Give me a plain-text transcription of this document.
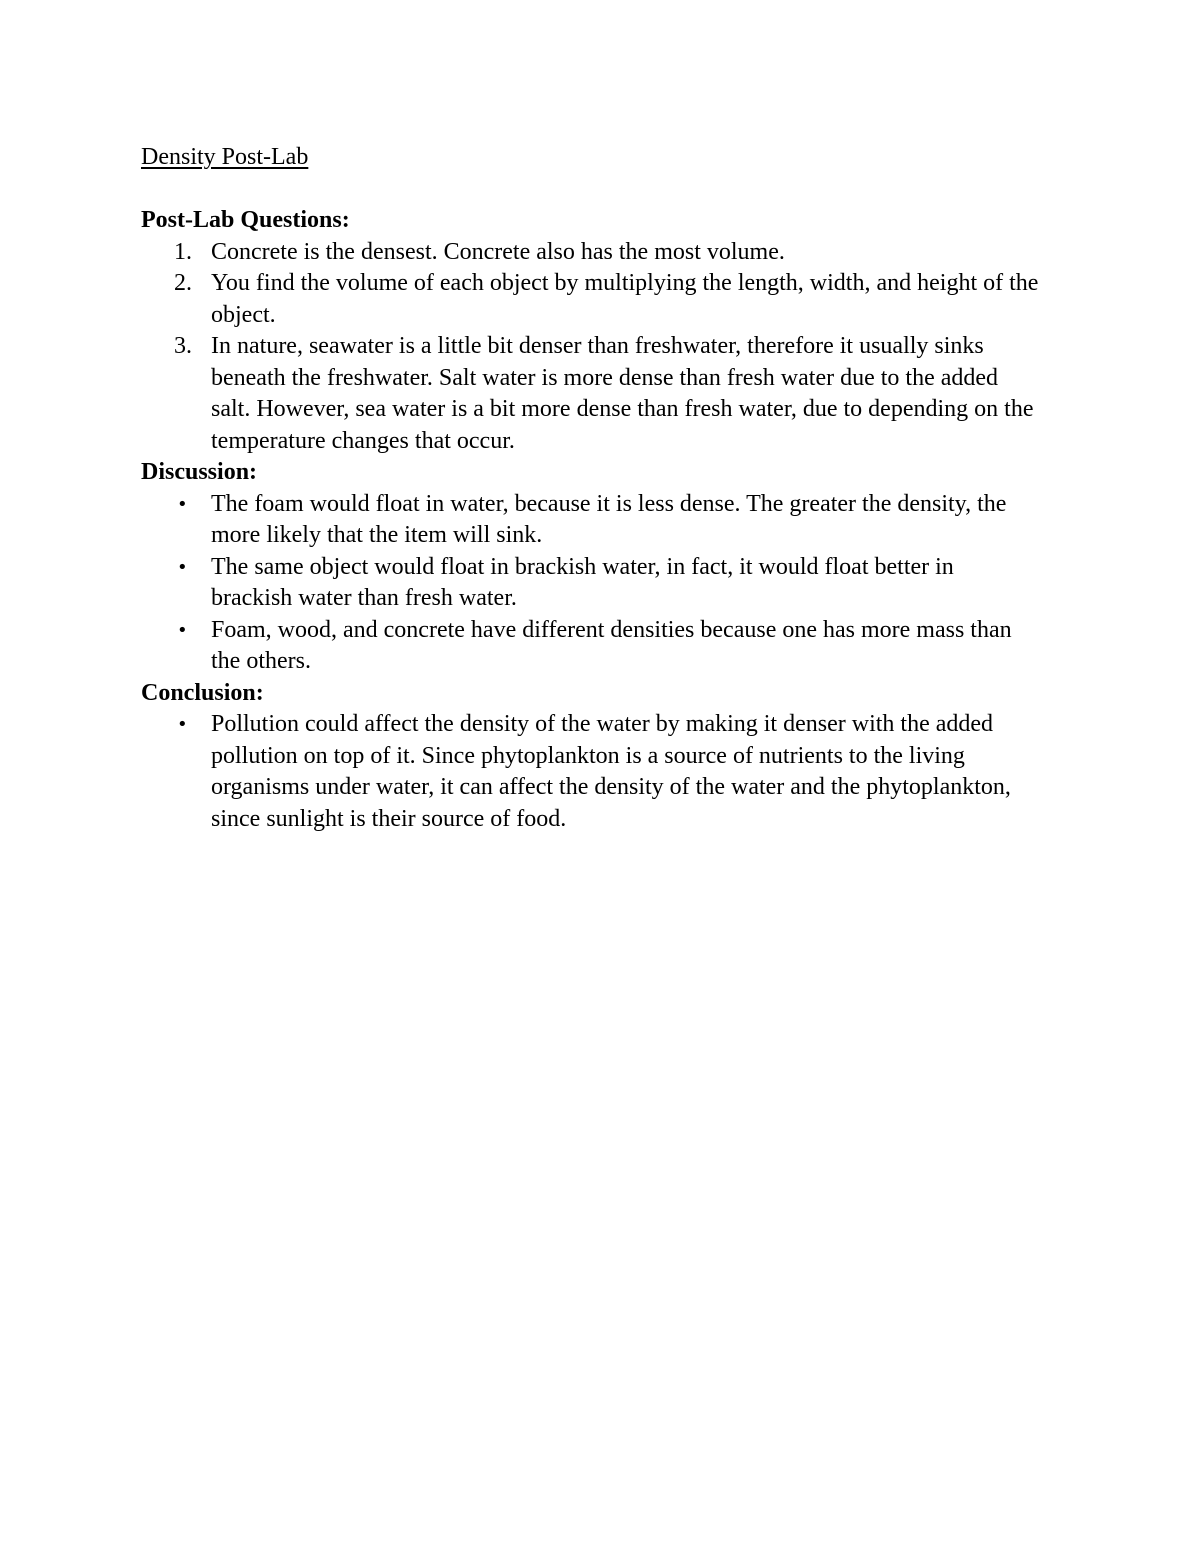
Density Post-Lab
Post-Lab Questions:
1. Concrete is the densest. Concrete also has the most volume.
2. You find the volume of each object by multiplying the length, width, and height of the object.
3. In nature, seawater is a little bit denser than freshwater, therefore it usually sinks beneath the freshwater. Salt water is more dense than fresh water due to the added salt. However, sea water is a bit more dense than fresh water, due to depending on the temperature changes that occur.
Discussion:
• The foam would float in water, because it is less dense. The greater the density, the more likely that the item will sink.
• The same object would float in brackish water, in fact, it would float better in brackish water than fresh water.
• Foam, wood, and concrete have different densities because one has more mass than the others.
Conclusion:
• Pollution could affect the density of the water by making it denser with the added pollution on top of it. Since phytoplankton is a source of nutrients to the living organisms under water, it can affect the density of the water and the phytoplankton, since sunlight is their source of food.
